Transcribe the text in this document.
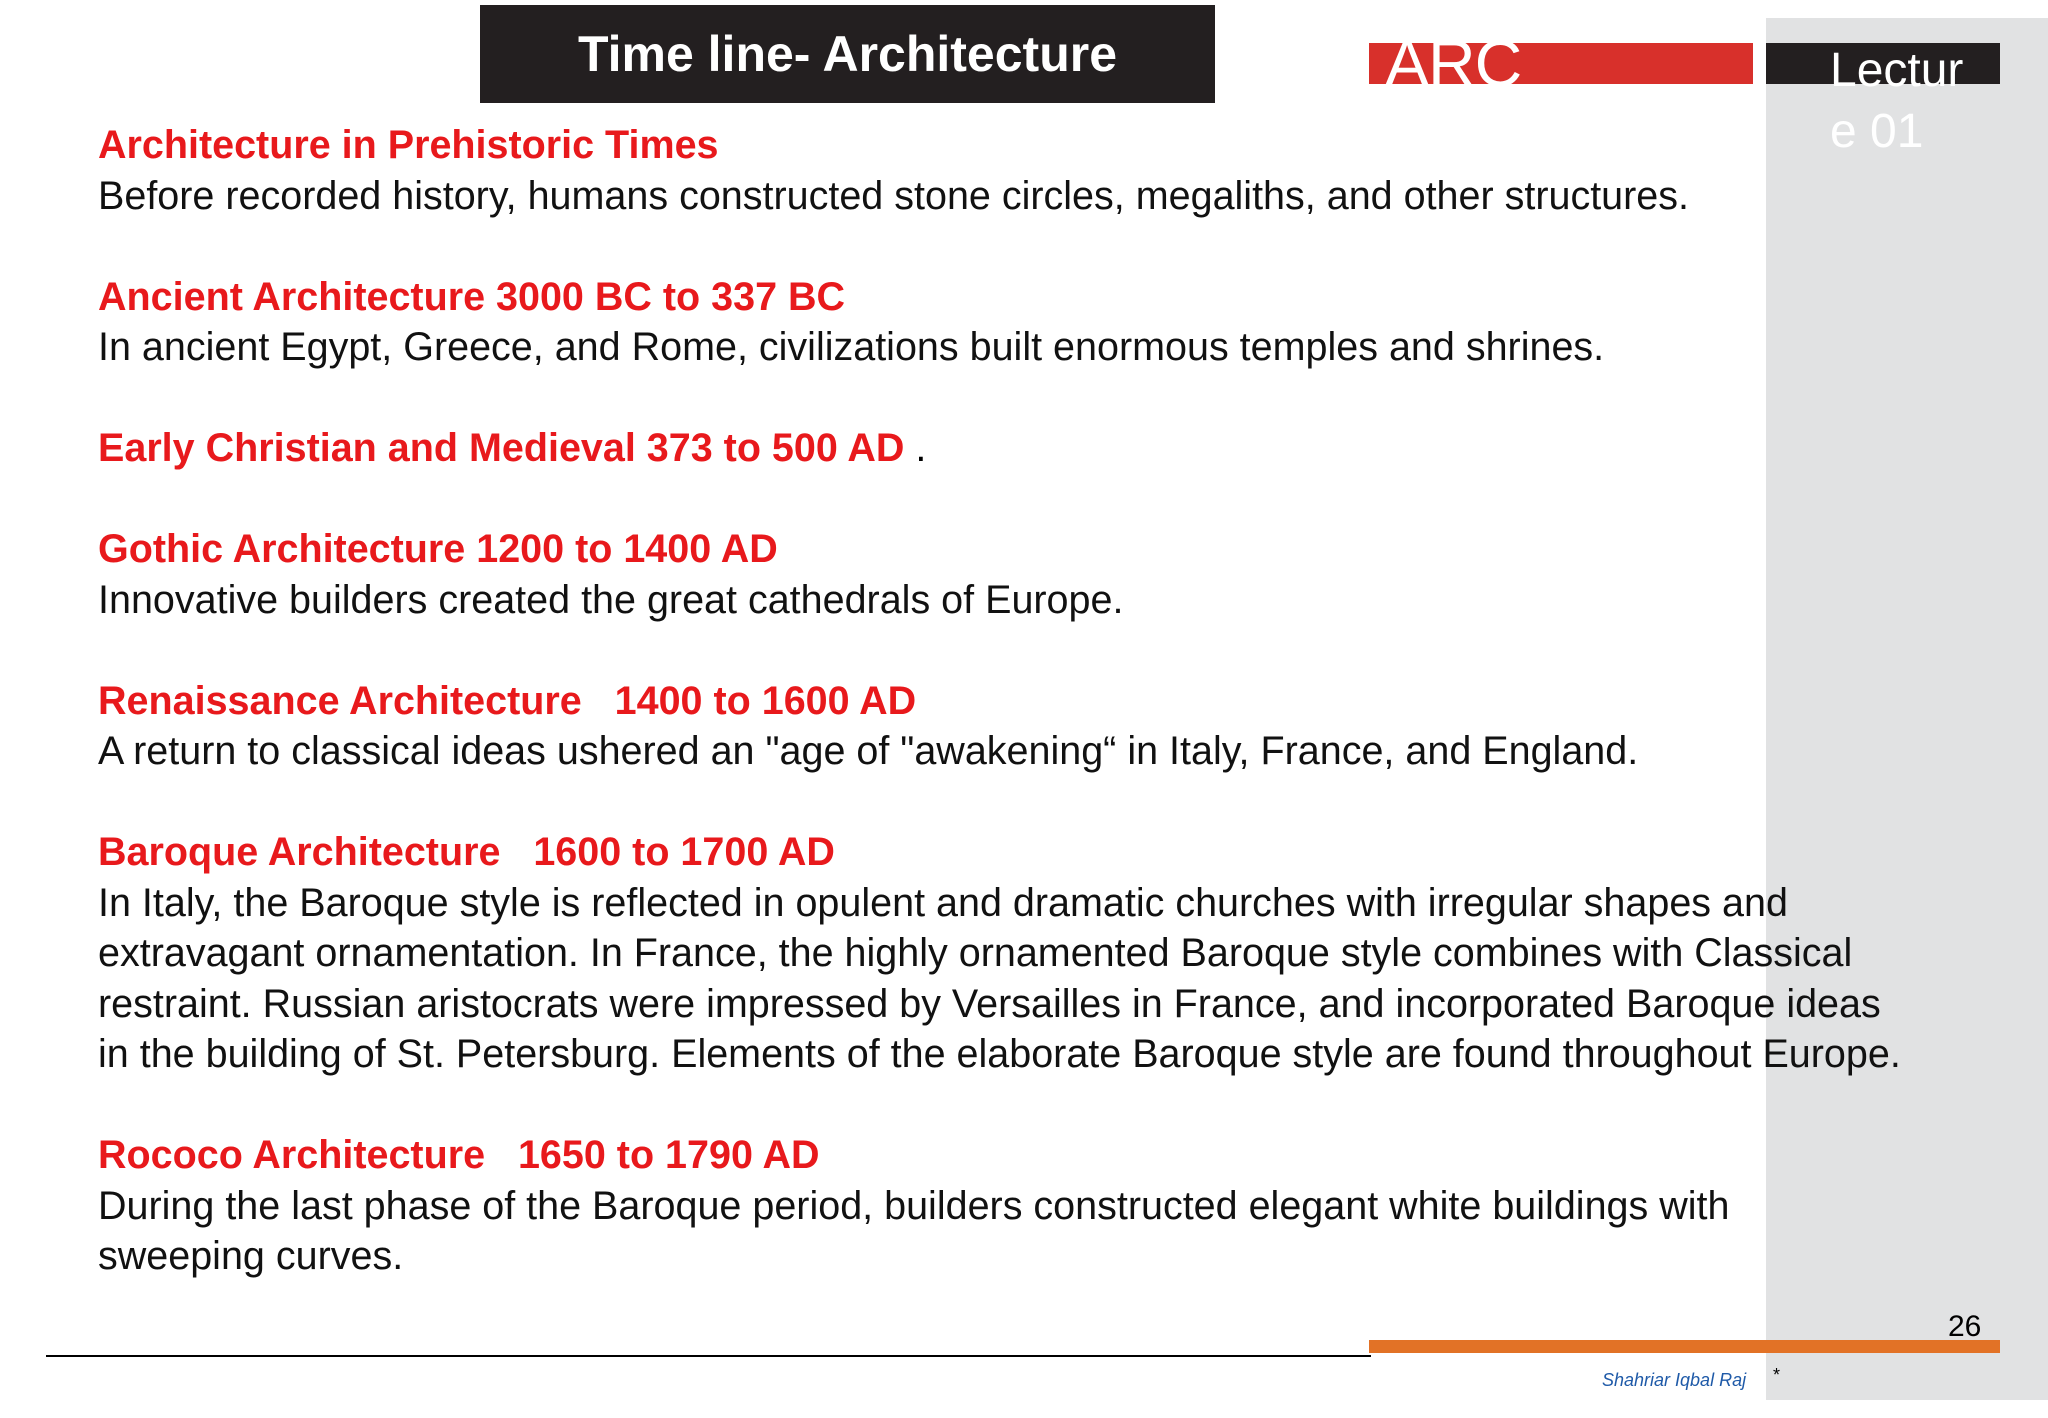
Time line- Architecture	ARC	Lecture 01
Architecture in Prehistoric Times
Before recorded history, humans constructed stone circles, megaliths, and other structures.
Ancient Architecture 3000 BC to 337 BC
In ancient Egypt, Greece, and Rome, civilizations built enormous temples and shrines.
Early Christian and Medieval 373 to 500 AD .
Gothic Architecture 1200 to 1400 AD
Innovative builders created the great cathedrals of Europe.
Renaissance Architecture   1400 to 1600 AD
A return to classical ideas ushered an "age of "awakening“ in Italy, France, and England.
Baroque Architecture   1600 to 1700 AD
In Italy, the Baroque style is reflected in opulent and dramatic churches with irregular shapes and extravagant ornamentation. In France, the highly ornamented Baroque style combines with Classical restraint. Russian aristocrats were impressed by Versailles in France, and incorporated Baroque ideas in the building of St. Petersburg. Elements of the elaborate Baroque style are found throughout Europe.
Rococo Architecture   1650 to 1790 AD
During the last phase of the Baroque period, builders constructed elegant white buildings with sweeping curves.
26
Shahriar Iqbal Raj *
